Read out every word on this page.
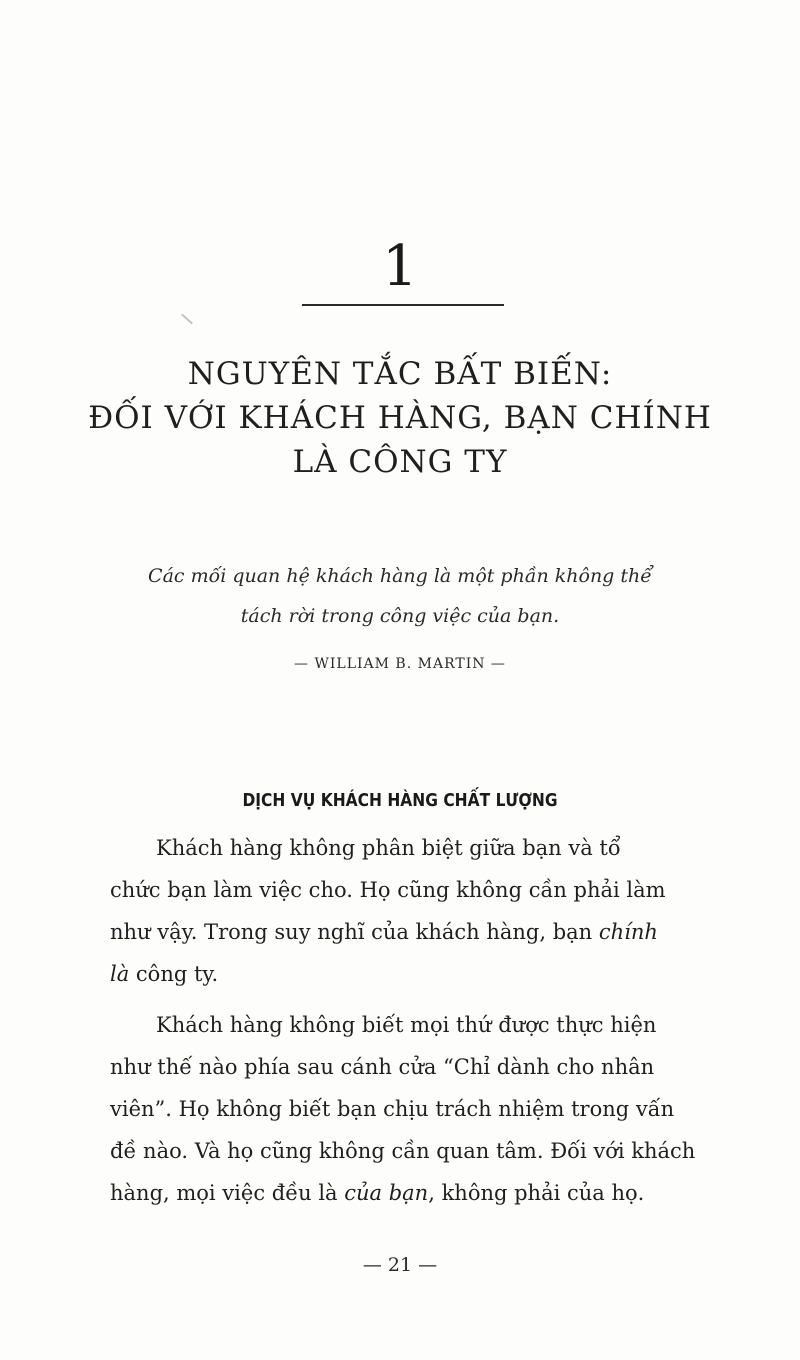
1
NGUYÊN TẮC BẤT BIẾN:
ĐỐI VỚI KHÁCH HÀNG, BẠN CHÍNH
LÀ CÔNG TY
Các mối quan hệ khách hàng là một phần không thể
tách rời trong công việc của bạn.
— WILLIAM B. MARTIN —
DỊCH VỤ KHÁCH HÀNG CHẤT LƯỢNG
Khách hàng không phân biệt giữa bạn và tổ
chức bạn làm việc cho. Họ cũng không cần phải làm
như vậy. Trong suy nghĩ của khách hàng, bạn chính
là công ty.
Khách hàng không biết mọi thứ được thực hiện
như thế nào phía sau cánh cửa “Chỉ dành cho nhân
viên”. Họ không biết bạn chịu trách nhiệm trong vấn
đề nào. Và họ cũng không cần quan tâm. Đối với khách
hàng, mọi việc đều là của bạn, không phải của họ.
— 21 —
